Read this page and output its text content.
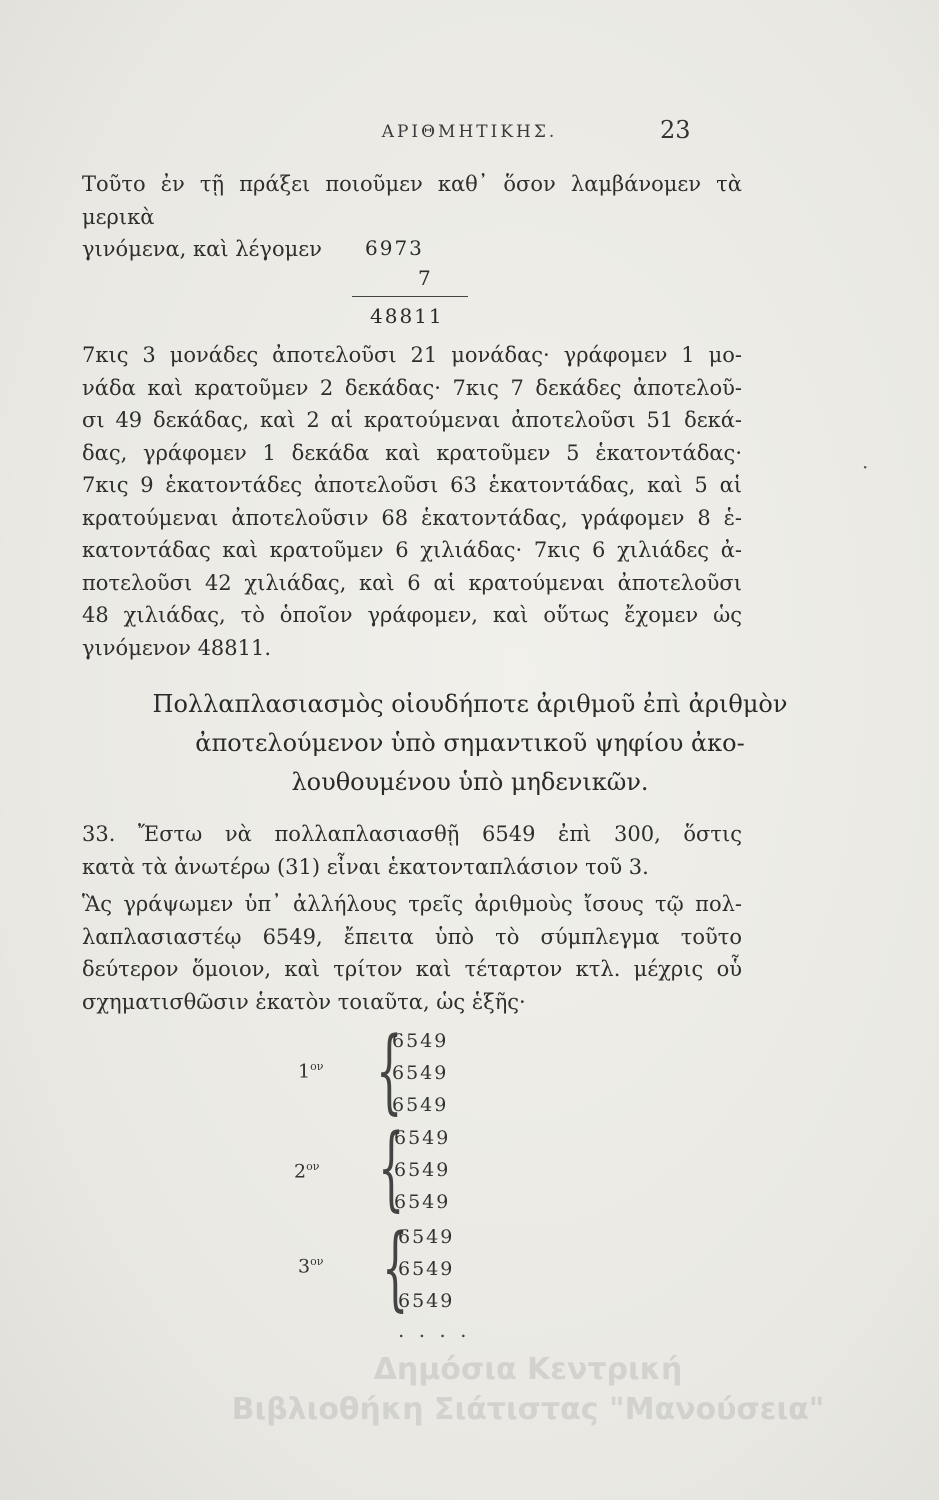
ΑΡΙΘΜΗΤΙΚΗΣ.	23
Τοῦτο ἐν τῇ πράξει ποιοῦμεν καθ᾽ ὅσον λαμβάνομεν τὰ μερικὰ
γινόμενα, καὶ λέγομεν	6973
7
48811
7κις 3 μονάδες ἀποτελοῦσι 21 μονάδας· γράφομεν 1 μο-
νάδα καὶ κρατοῦμεν 2 δεκάδας· 7κις 7 δεκάδες ἀποτελοῦ-
σι 49 δεκάδας, καὶ 2 αἱ κρατούμεναι ἀποτελοῦσι 51 δεκά-
δας, γράφομεν 1 δεκάδα καὶ κρατοῦμεν 5 ἑκατοντάδας·
7κις 9 ἑκατοντάδες ἀποτελοῦσι 63 ἑκατοντάδας, καὶ 5 αἱ
κρατούμεναι ἀποτελοῦσιν 68 ἑκατοντάδας, γράφομεν 8 ἑ-
κατοντάδας καὶ κρατοῦμεν 6 χιλιάδας· 7κις 6 χιλιάδες ἀ-
ποτελοῦσι 42 χιλιάδας, καὶ 6 αἱ κρατούμεναι ἀποτελοῦσι
48 χιλιάδας, τὸ ὁποῖον γράφομεν, καὶ οὕτως ἔχομεν ὡς
γινόμενον 48811.
·
Πολλαπλασιασμὸς οἱουδήποτε ἀριθμοῦ ἐπὶ ἀριθμὸν
ἀποτελούμενον ὑπὸ σημαντικοῦ ψηφίου ἀκο-
λουθουμένου ὑπὸ μηδενικῶν.
33. Ἔστω νὰ πολλαπλασιασθῇ 6549 ἐπὶ 300, ὅστις
κατὰ τὰ ἀνωτέρω (31) εἶναι ἑκατονταπλάσιον τοῦ 3.
Ἃς γράψωμεν ὑπ᾽ ἀλλήλους τρεῖς ἀριθμοὺς ἴσους τῷ πολ-
λαπλασιαστέῳ 6549, ἔπειτα ὑπὸ τὸ σύμπλεγμα τοῦτο
δεύτερον ὅμοιον, καὶ τρίτον καὶ τέταρτον κτλ. μέχρις οὗ
σχηματισθῶσιν ἑκατὸν τοιαῦτα, ὡς ἑξῆς·
$1^{o\nu}$ {
6549
6549
6549
$2^{o\nu}$ {
6549
6549
6549
$3^{o\nu}$ {
6549
6549
6549
. . . .
Δημόσια Κεντρική
Βιβλιοθήκη Σιάτιστας "Μανούσεια"
